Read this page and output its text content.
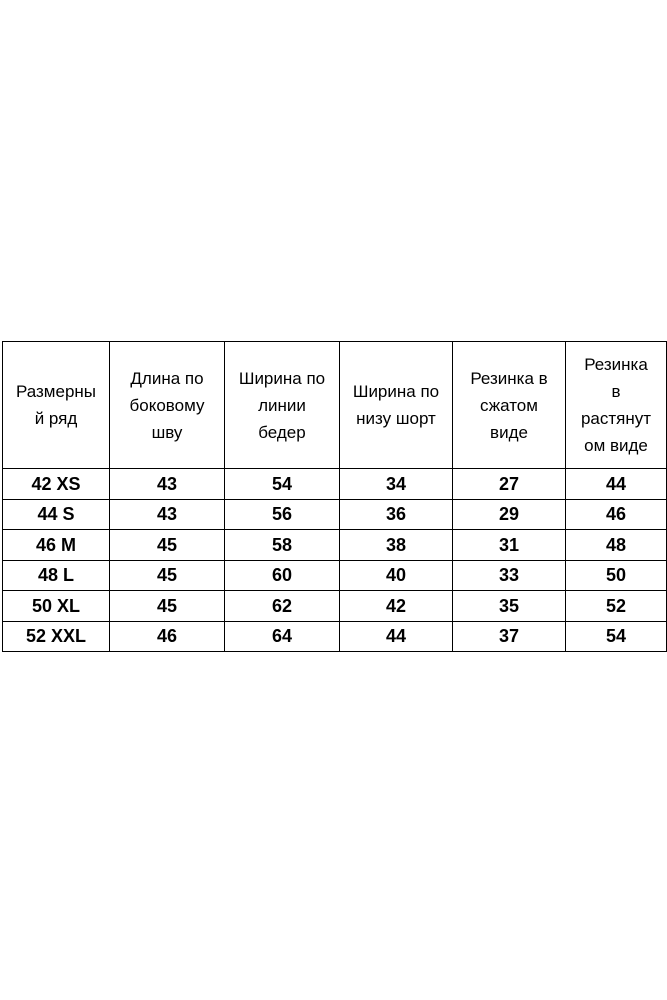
Размерны
й ряд	Длина по
боковому
шву	Ширина по
линии
бедер	Ширина по
низу шорт	Резинка в
сжатом
виде	Резинка
в
растянут
ом виде
42 XS	43	54	34	27	44
44 S	43	56	36	29	46
46 M	45	58	38	31	48
48 L	45	60	40	33	50
50 XL	45	62	42	35	52
52 XXL	46	64	44	37	54
